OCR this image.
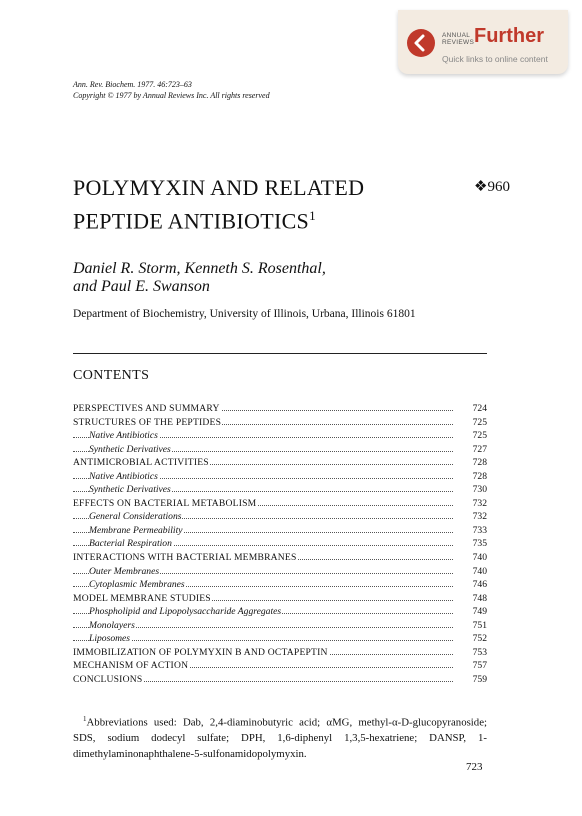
ANNUAL
REVIEWS Further
Quick links to online content
Ann. Rev. Biochem. 1977. 46:723–63
Copyright © 1977 by Annual Reviews Inc. All rights reserved
POLYMYXIN AND RELATED
PEPTIDE ANTIBIOTICS$^1$
❖960
Daniel R. Storm, Kenneth S. Rosenthal,
and Paul E. Swanson
Department of Biochemistry, University of Illinois, Urbana, Illinois 61801
CONTENTS
PERSPECTIVES AND SUMMARY	724
STRUCTURES OF THE PEPTIDES	725
Native Antibiotics	725
Synthetic Derivatives	727
ANTIMICROBIAL ACTIVITIES	728
Native Antibiotics	728
Synthetic Derivatives	730
EFFECTS ON BACTERIAL METABOLISM	732
General Considerations	732
Membrane Permeability	733
Bacterial Respiration	735
INTERACTIONS WITH BACTERIAL MEMBRANES	740
Outer Membranes	740
Cytoplasmic Membranes	746
MODEL MEMBRANE STUDIES	748
Phospholipid and Lipopolysaccharide Aggregates	749
Monolayers	751
Liposomes	752
IMMOBILIZATION OF POLYMYXIN B AND OCTAPEPTIN	753
MECHANISM OF ACTION	757
CONCLUSIONS	759
$^1$Abbreviations used: Dab, 2,4-diaminobutyric acid; αMG, methyl-α-D-glucopyranoside; SDS, sodium dodecyl sulfate; DPH, 1,6-diphenyl 1,3,5-hexatriene; DANSP, 1-dimethylaminonaphthalene-5-sulfonamidopolymyxin.
723
